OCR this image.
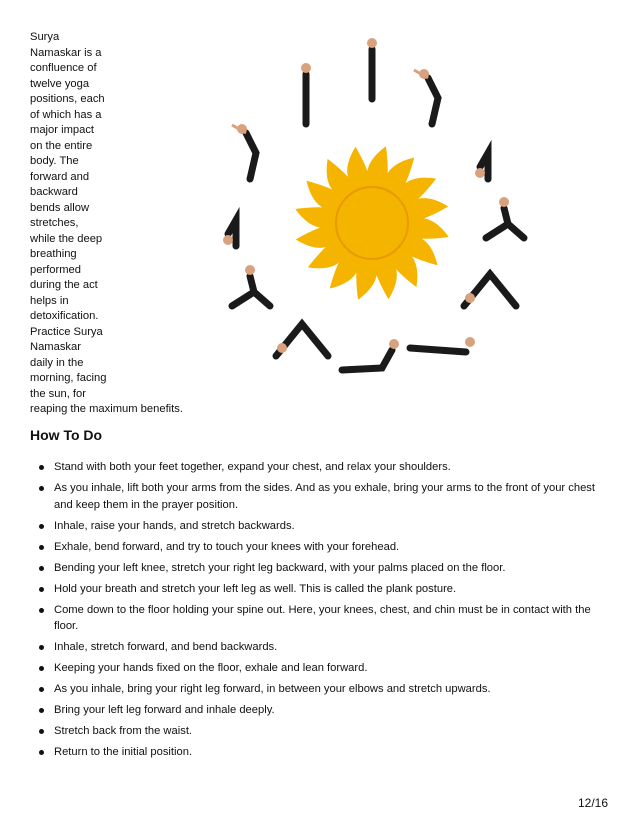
Surya
Namaskar is a
confluence of
twelve yoga
positions, each
of which has a
major impact
on the entire
body. The
forward and
backward
bends allow
stretches,
while the deep
breathing
performed
during the act
helps in
detoxification.
Practice Surya
Namaskar
daily in the
morning, facing
the sun, for
reaping the maximum benefits.
How To Do
Stand with both your feet together, expand your chest, and relax your shoulders.
As you inhale, lift both your arms from the sides. And as you exhale, bring your arms to the front of your chest and keep them in the prayer position.
Inhale, raise your hands, and stretch backwards.
Exhale, bend forward, and try to touch your knees with your forehead.
Bending your left knee, stretch your right leg backward, with your palms placed on the floor.
Hold your breath and stretch your left leg as well. This is called the plank posture.
Come down to the floor holding your spine out. Here, your knees, chest, and chin must be in contact with the floor.
Inhale, stretch forward, and bend backwards.
Keeping your hands fixed on the floor, exhale and lean forward.
As you inhale, bring your right leg forward, in between your elbows and stretch upwards.
Bring your left leg forward and inhale deeply.
Stretch back from the waist.
Return to the initial position.
12/16
